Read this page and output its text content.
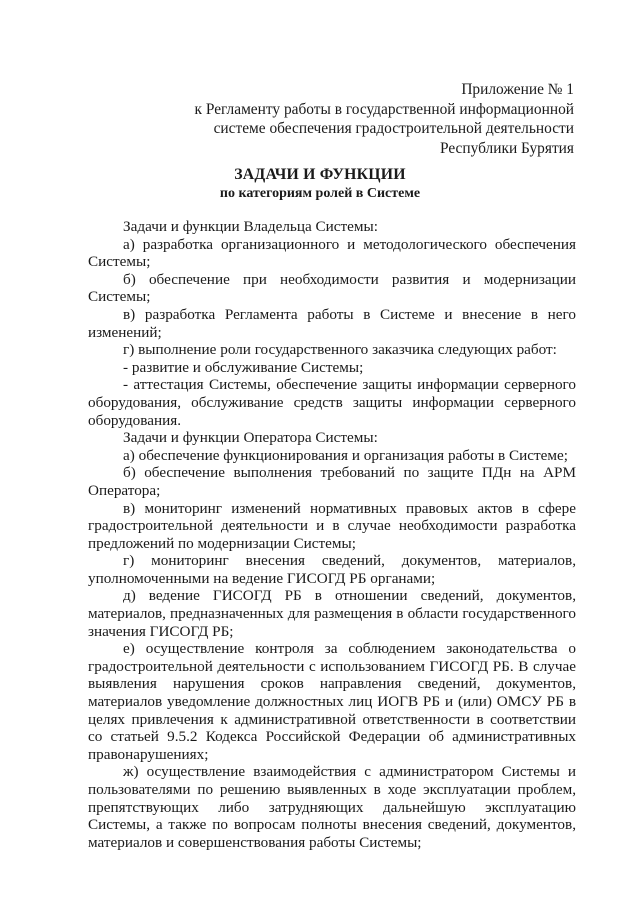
Приложение № 1
к Регламенту работы в государственной информационной
системе обеспечения градостроительной деятельности
Республики Бурятия
ЗАДАЧИ И ФУНКЦИИ
по категориям ролей в Системе

Задачи и функции Владельца Системы:

а) разработка организационного и методологического обеспечения Системы;

б) обеспечение при необходимости развития и модернизации Системы;

в) разработка Регламента работы в Системе и внесение в него изменений;

г) выполнение роли государственного заказчика следующих работ:

- развитие и обслуживание Системы;

- аттестация Системы, обеспечение защиты информации серверного оборудования, обслуживание средств защиты информации серверного оборудования.

Задачи и функции Оператора Системы:

а) обеспечение функционирования и организация работы в Системе;

б) обеспечение выполнения требований по защите ПДн на АРМ Оператора;

в) мониторинг изменений нормативных правовых актов в сфере градостроительной деятельности и в случае необходимости разработка предложений по модернизации Системы;

г) мониторинг внесения сведений, документов, материалов, уполномоченными на ведение ГИСОГД РБ органами;

д) ведение ГИСОГД РБ в отношении сведений, документов, материалов, предназначенных для размещения в области государственного значения ГИСОГД РБ;

е) осуществление контроля за соблюдением законодательства о градостроительной деятельности с использованием ГИСОГД РБ. В случае выявления нарушения сроков направления сведений, документов, материалов уведомление должностных лиц ИОГВ РБ и (или) ОМСУ РБ в целях привлечения к административной ответственности в соответствии со статьей 9.5.2 Кодекса Российской Федерации об административных правонарушениях;

ж) осуществление взаимодействия с администратором Системы и пользователями по решению выявленных в ходе эксплуатации проблем, препятствующих либо затрудняющих дальнейшую эксплуатацию Системы, а также по вопросам полноты внесения сведений, документов, материалов и совершенствования работы Системы;
